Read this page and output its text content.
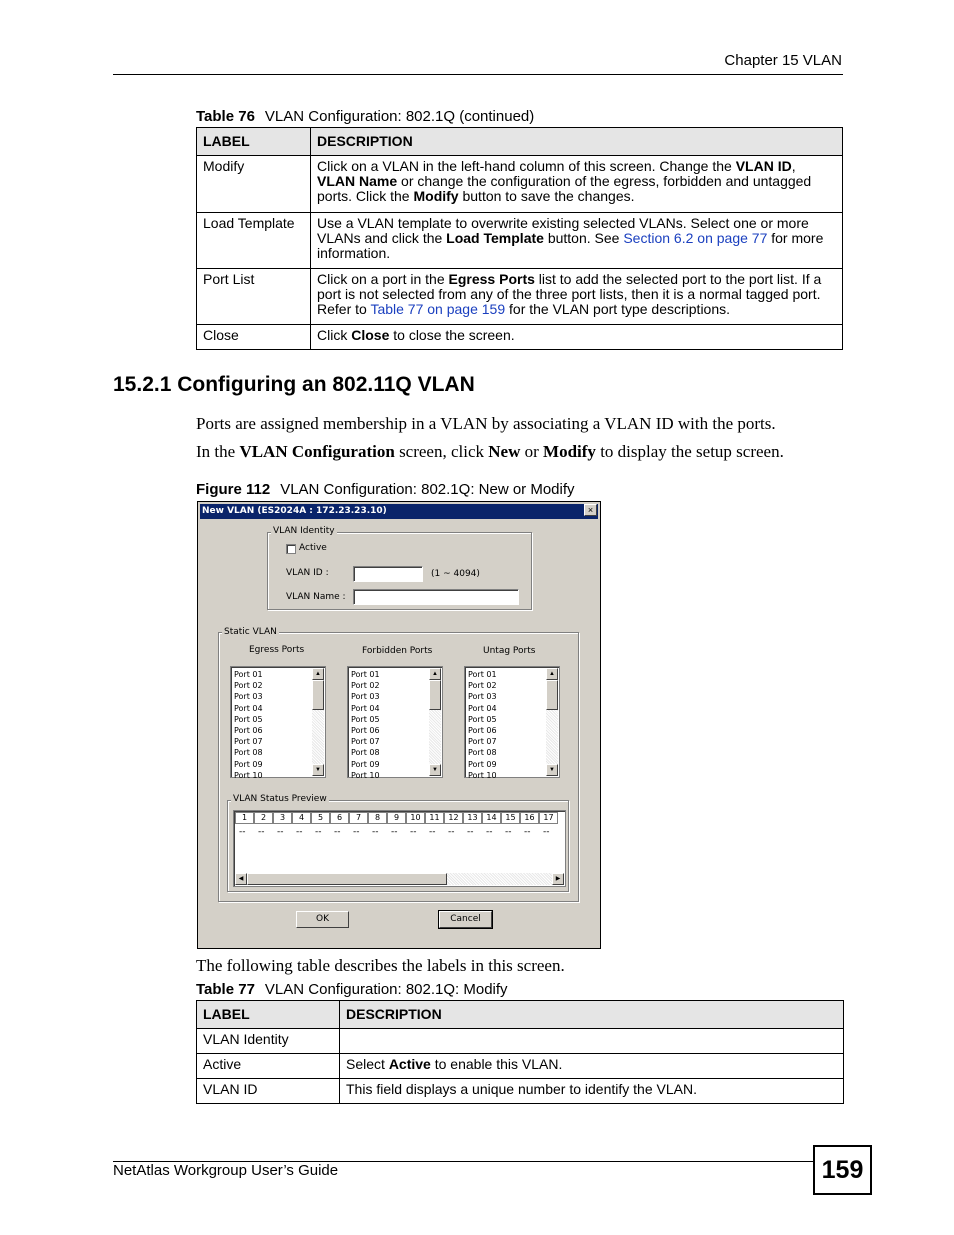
Chapter 15 VLAN
Table 76 VLAN Configuration: 802.1Q (continued)
LABEL	DESCRIPTION
Modify	Click on a VLAN in the left-hand column of this screen. Change the VLAN ID, VLAN Name or change the configuration of the egress, forbidden and untagged ports. Click the Modify button to save the changes.
Load Template	Use a VLAN template to overwrite existing selected VLANs. Select one or more VLANs and click the Load Template button. See Section 6.2 on page 77 for more information.
Port List	Click on a port in the Egress Ports list to add the selected port to the port list. If a port is not selected from any of the three port lists, then it is a normal tagged port. Refer to Table 77 on page 159 for the VLAN port type descriptions.
Close	Click Close to close the screen.
15.2.1 Configuring an 802.11Q VLAN
Ports are assigned membership in a VLAN by associating a VLAN ID with the ports.
In the VLAN Configuration screen, click New or Modify to display the setup screen.
Figure 112 VLAN Configuration: 802.1Q: New or Modify
New VLAN (ES2024A : 172.23.23.10)	×
VLAN Identity
Active
VLAN ID :	(1 ~ 4094)
VLAN Name :
Static VLAN
Egress Ports	Forbidden Ports	Untag Ports
Port 01
Port 02
Port 03
Port 04
Port 05
Port 06
Port 07
Port 08
Port 09
Port 10
▲
▼
Port 01
Port 02
Port 03
Port 04
Port 05
Port 06
Port 07
Port 08
Port 09
Port 10
▲
▼
Port 01
Port 02
Port 03
Port 04
Port 05
Port 06
Port 07
Port 08
Port 09
Port 10
▲
▼
VLAN Status Preview
1	2	3	4	5	6	7	8	9	10	11	12	13	14	15	16	17
-- -- -- -- -- -- -- -- -- -- -- -- -- -- -- -- --
◀	▶
OK	Cancel
The following table describes the labels in this screen.
Table 77 VLAN Configuration: 802.1Q: Modify
LABEL	DESCRIPTION
VLAN Identity	
Active	Select Active to enable this VLAN.
VLAN ID	This field displays a unique number to identify the VLAN.
NetAtlas Workgroup User’s Guide	159
